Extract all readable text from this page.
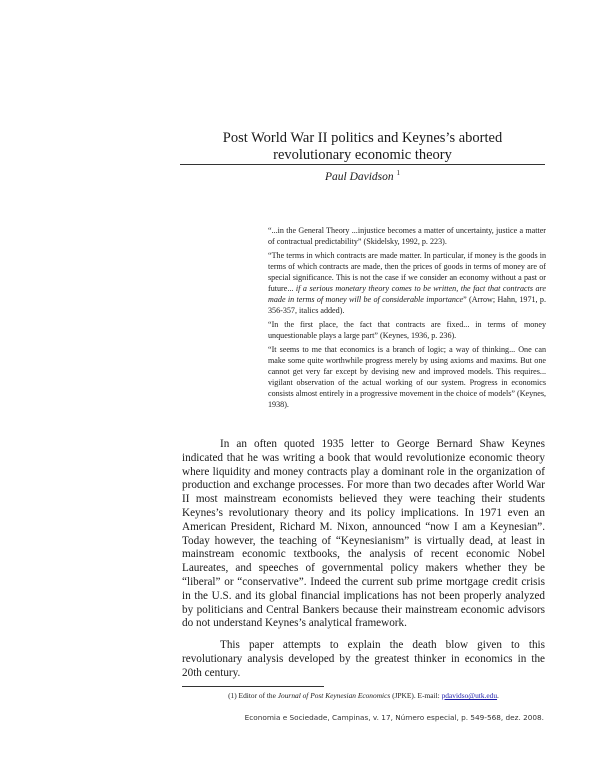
Post World War II politics and Keynes’s aborted
revolutionary economic theory
Paul Davidson $^1$

“...in the General Theory ...injustice becomes a matter of uncertainty, justice a matter of contractual predictability” (Skidelsky, 1992, p. 223).

“The terms in which contracts are made matter. In particular, if money is the goods in terms of which contracts are made, then the prices of goods in terms of money are of special significance. This is not the case if we consider an economy without a past or future... if a serious monetary theory comes to be written, the fact that contracts are made in terms of money will be of considerable importance” (Arrow; Hahn, 1971, p. 356-357, italics added).

“In the first place, the fact that contracts are fixed... in terms of money unquestionable plays a large part” (Keynes, 1936, p. 236).

“It seems to me that economics is a branch of logic; a way of thinking... One can make some quite worthwhile progress merely by using axioms and maxims. But one cannot get very far except by devising new and improved models. This requires... vigilant observation of the actual working of our system. Progress in economics consists almost entirely in a progressive movement in the choice of models” (Keynes, 1938).

In an often quoted 1935 letter to George Bernard Shaw Keynes indicated that he was writing a book that would revolutionize economic theory where liquidity and money contracts play a dominant role in the organization of production and exchange processes. For more than two decades after World War II most mainstream economists believed they were teaching their students Keynes’s revolutionary theory and its policy implications. In 1971 even an American President, Richard M. Nixon, announced “now I am a Keynesian”. Today however, the teaching of “Keynesianism” is virtually dead, at least in mainstream economic textbooks, the analysis of recent economic Nobel Laureates, and speeches of governmental policy makers whether they be “liberal” or “conservative”. Indeed the current sub prime mortgage credit crisis in the U.S. and its global financial implications has not been properly analyzed by politicians and Central Bankers because their mainstream economic advisors do not understand Keynes’s analytical framework.

This paper attempts to explain the death blow given to this revolutionary analysis developed by the greatest thinker in economics in the 20th century.

(1) Editor of the Journal of Post Keynesian Economics (JPKE). E-mail: pdavidso@utk.edu.
Economia e Sociedade, Campinas, v. 17, Número especial, p. 549-568, dez. 2008.
